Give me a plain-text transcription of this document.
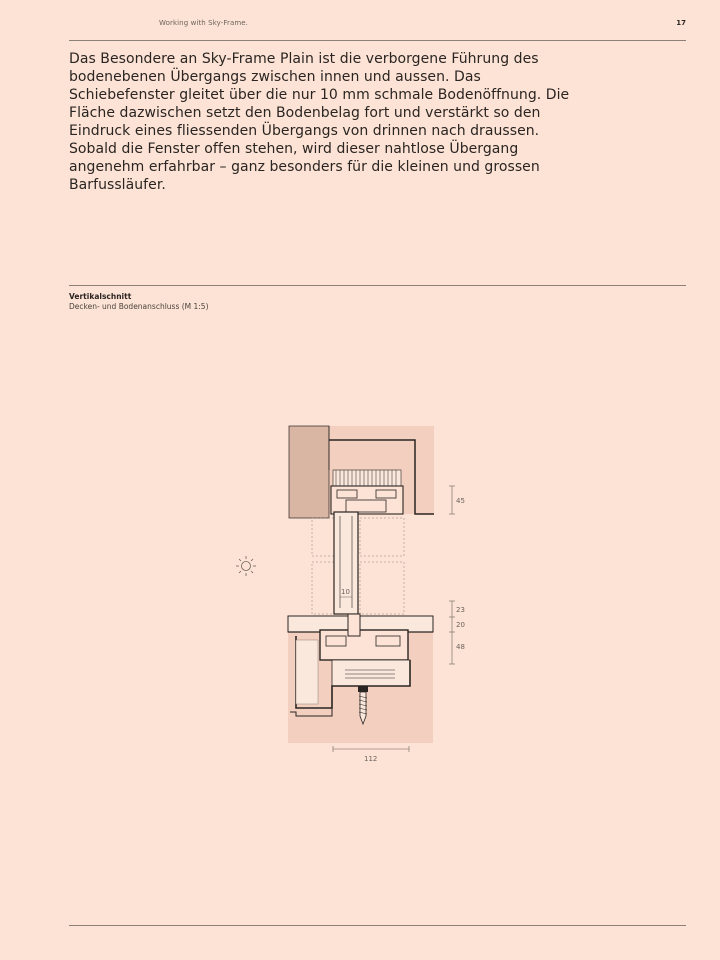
Working with Sky-Frame.	17

Das Besondere an Sky-Frame Plain ist die verborgene Führung des bodenebenen Übergangs zwischen innen und aussen. Das Schiebefenster gleitet über die nur 10 mm schmale Bodenöffnung. Die Fläche dazwischen setzt den Bodenbelag fort und verstärkt so den Eindruck eines fliessenden Übergangs von drinnen nach draussen. Sobald die Fenster offen stehen, wird dieser nahtlose Übergang angenehm erfahrbar – ganz besonders für die kleinen und grossen Barfussläufer.

Vertikalschnitt
Decken- und Bodenanschluss (M 1:5)
10
45
23
20
48
112
